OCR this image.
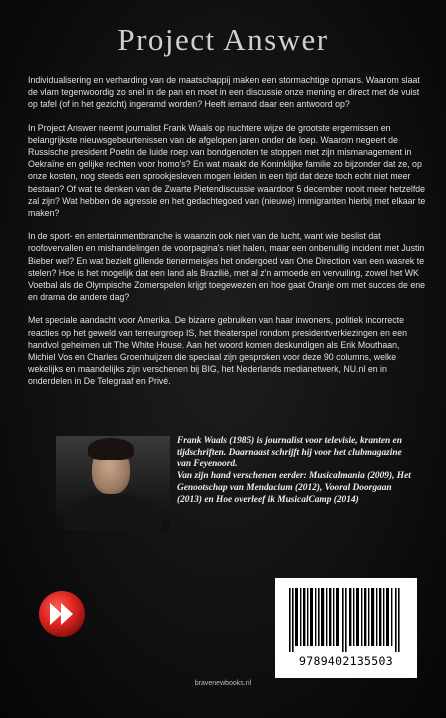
Project Answer

Individualisering en verharding van de maatschappij maken een stormachtige opmars. Waarom slaat de vlam tegenwoordig zo snel in de pan en moet in een discussie onze mening er direct met de vuist op tafel (of in het gezicht) ingeramd worden? Heeft iemand daar een antwoord op?

In Project Answer neemt journalist Frank Waals op nuchtere wijze de grootste ergernissen en belangrijkste nieuwsgebeurtenissen van de afgelopen jaren onder de loep. Waarom negeert de Russische president Poetin de luide roep van bondgenoten te stoppen met zijn mismanagement in Oekraïne en gelijke rechten voor homo's? En wat maakt de Koninklijke familie zo bijzonder dat ze, op onze kosten, nog steeds een sprookjesleven mogen leiden in een tijd dat deze toch echt niet meer bestaan? Of wat te denken van de Zwarte Pietendiscussie waardoor 5 december nooit meer hetzelfde zal zijn? Wat hebben de agressie en het gedachtegoed van (nieuwe) immigranten hierbij met elkaar te maken?

In de sport- en entertainmentbranche is waanzin ook niet van de lucht, want wie beslist dat roofovervallen en mishandelingen de voorpagina's niet halen, maar een onbenullig incident met Justin Bieber wel? En wat bezielt gillende tienermeisjes het ondergoed van One Direction van een wasrek te stelen? Hoe is het mogelijk dat een land als Brazilië, met al z'n armoede en vervuiling, zowel het WK Voetbal als de Olympische Zomerspelen krijgt toegewezen en hoe gaat Oranje om met succes de ene en drama de andere dag?

Met speciale aandacht voor Amerika. De bizarre gebruiken van haar inwoners, politiek incorrecte reacties op het geweld van terreurgroep IS, het theaterspel rondom presidentverkiezingen en een handvol geheimen uit The White House. Aan het woord komen deskundigen als Erik Mouthaan, Michiel Vos en Charles Groenhuijzen die speciaal zijn gesproken voor deze 90 columns, welke wekelijks en maandelijks zijn verschenen bij BIG, het Nederlands medianetwerk, NU.nl en in onderdelen in De Telegraaf en Privé.

Frank Waals (1985) is journalist voor televisie, kranten en tijdschriften. Daarnaast schrijft hij voor het clubmagazine van Feyenoord.

Van zijn hand verschenen eerder: Musicalmania (2009), Het Genootschap van Mendacium (2012), Vooral Doorgaan (2013) en Hoe overleef ik MusicalCamp (2014)

9789402135503
bravenewbooks.nl
